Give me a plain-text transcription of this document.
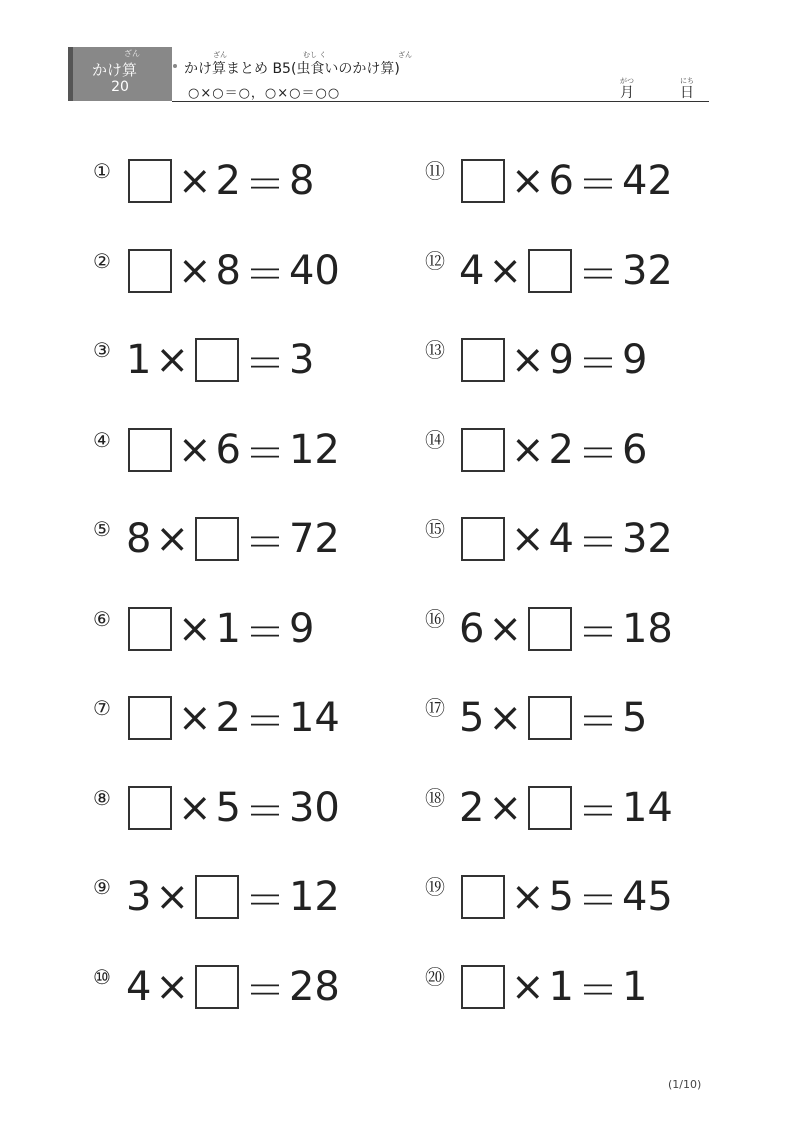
ざん
かけ算
20
ざん	むし く	ざん
かけ算まとめ B5(虫食いのかけ算)
○×○＝○，○×○＝○○
がつ
月
にち
日
① × 2 ＝ 8
② × 8 ＝ 40
③ 1 × ＝ 3
④ × 6 ＝ 12
⑤ 8 × ＝ 72
⑥ × 1 ＝ 9
⑦ × 2 ＝ 14
⑧ × 5 ＝ 30
⑨ 3 × ＝ 12
⑩ 4 × ＝ 28
⑪ × 6 ＝ 42
⑫ 4 × ＝ 32
⑬ × 9 ＝ 9
⑭ × 2 ＝ 6
⑮ × 4 ＝ 32
⑯ 6 × ＝ 18
⑰ 5 × ＝ 5
⑱ 2 × ＝ 14
⑲ × 5 ＝ 45
⑳ × 1 ＝ 1
(1/10)
